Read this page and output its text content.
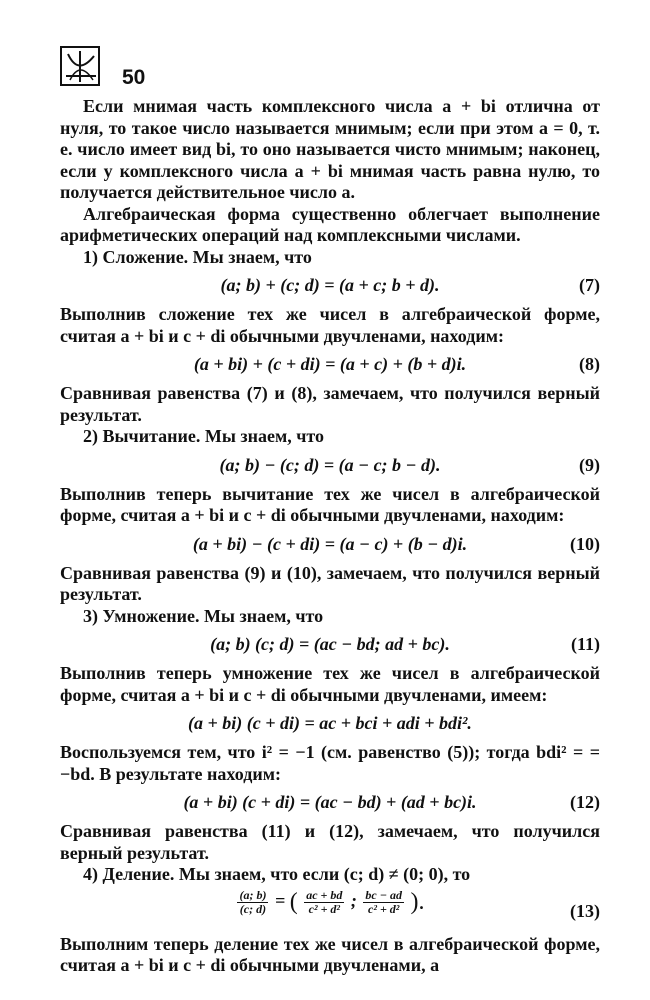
50

Если мнимая часть комплексного числа a + bi отлична от нуля, то такое число называется мнимым; если при этом a = 0, т. е. число имеет вид bi, то оно называется чисто мнимым; наконец, если у комплексного числа a + bi мнимая часть равна нулю, то получается действительное число a.

Алгебраическая форма существенно облегчает выполнение арифметических операций над комплексными числами.

1) Сложение. Мы знаем, что

(a; b) + (c; d) = (a + c; b + d).	(7)

Выполнив сложение тех же чисел в алгебраической форме, считая a + bi и c + di обычными двучленами, находим:

(a + bi) + (c + di) = (a + c) + (b + d)i.	(8)

Сравнивая равенства (7) и (8), замечаем, что получился верный результат.

2) Вычитание. Мы знаем, что

(a; b) − (c; d) = (a − c; b − d).	(9)

Выполнив теперь вычитание тех же чисел в алгебраической форме, считая a + bi и c + di обычными двучленами, находим:

(a + bi) − (c + di) = (a − c) + (b − d)i.	(10)

Сравнивая равенства (9) и (10), замечаем, что получился верный результат.

3) Умножение. Мы знаем, что

(a; b) (c; d) = (ac − bd; ad + bc).	(11)

Выполнив теперь умножение тех же чисел в алгебраической форме, считая a + bi и c + di обычными двучленами, имеем:

(a + bi) (c + di) = ac + bci + adi + bdi².

Воспользуемся тем, что i² = −1 (см. равенство (5)); тогда bdi² = = −bd. В результате находим:

(a + bi) (c + di) = (ac − bd) + (ad + bc)i.	(12)

Сравнивая равенства (11) и (12), замечаем, что получился верный результат.

4) Деление. Мы знаем, что если (c; d) ≠ (0; 0), то

$\frac{(a; b)}{(c; d)}$ = ( $\frac{ac + bd}{\text{c² + d²}}$ ; $\frac{bc - ad}{\text{c² + d²}}$ ).	(13)

Выполним теперь деление тех же чисел в алгебраической форме, считая a + bi и c + di обычными двучленами, а
